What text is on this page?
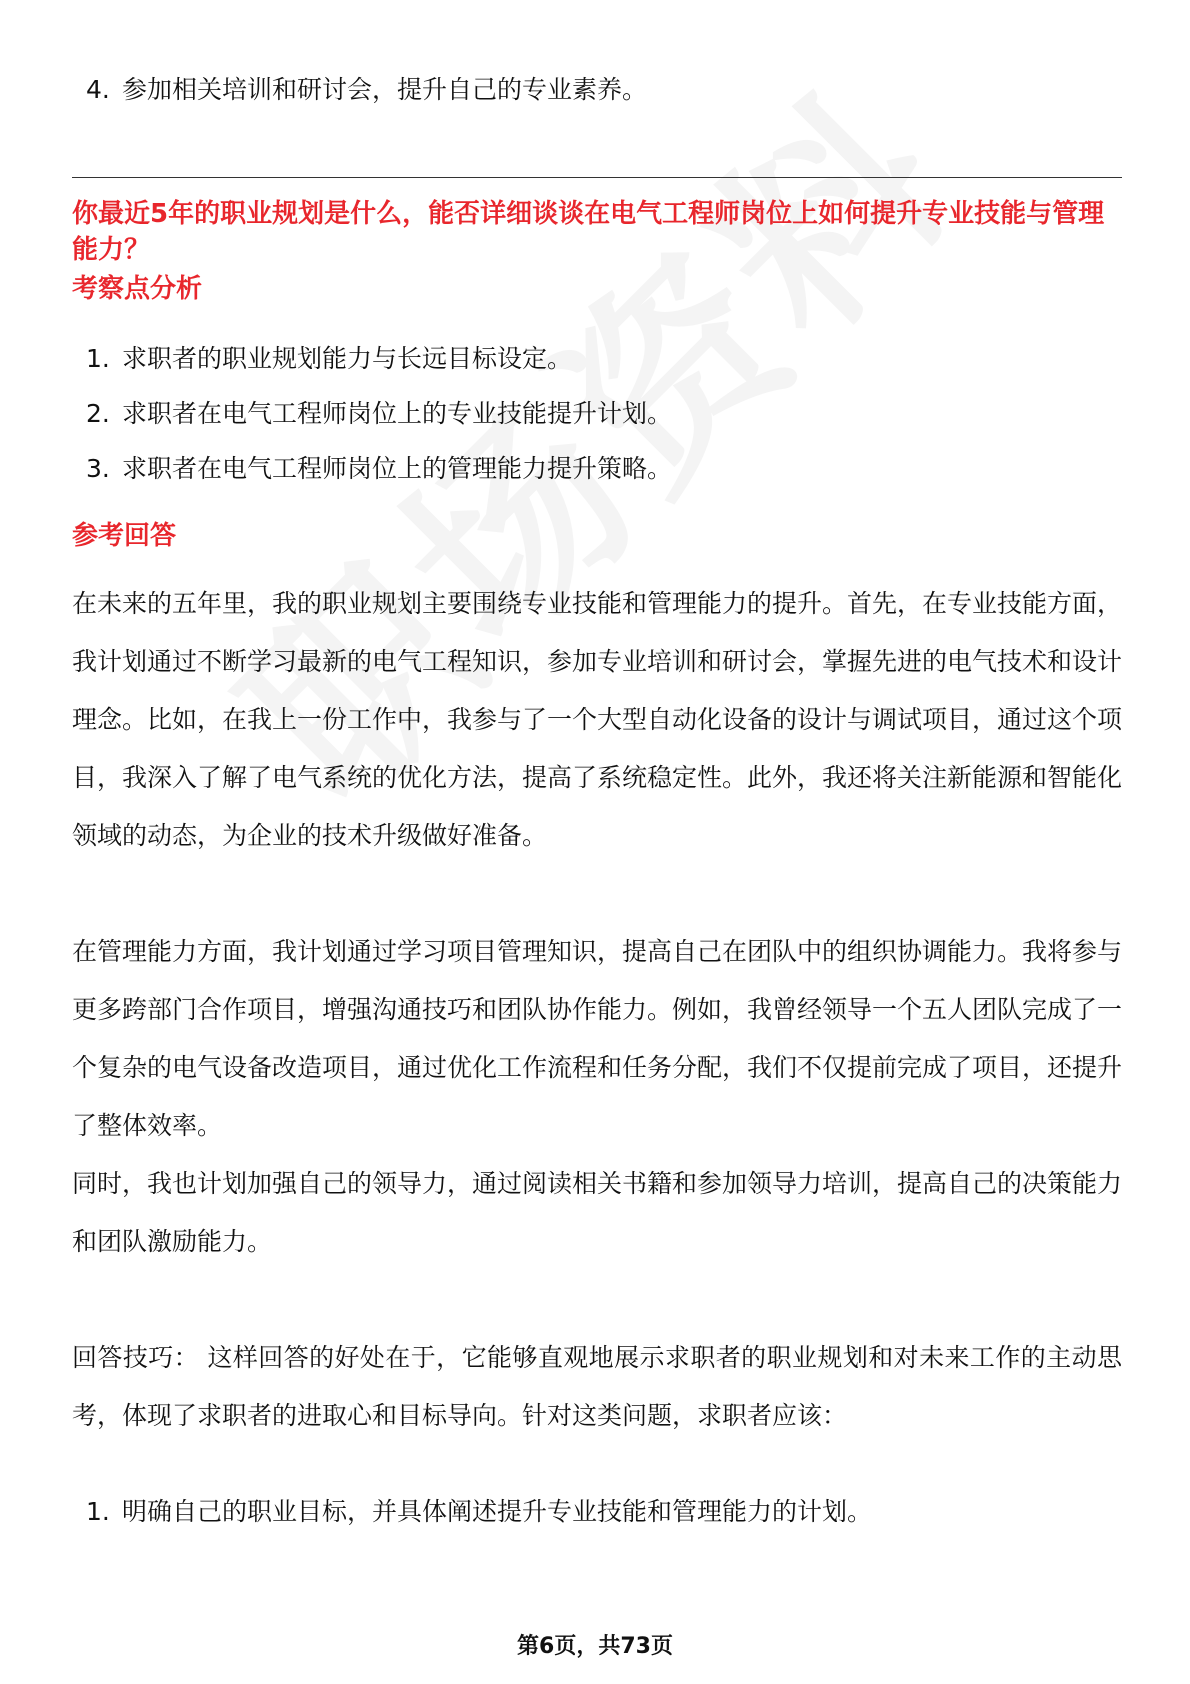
4. 参加相关培训和研讨会，提升自己的专业素养。
你最近5年的职业规划是什么，能否详细谈谈在电气工程师岗位上如何提升专业技能与管理能力？
考察点分析
1. 求职者的职业规划能力与长远目标设定。
2. 求职者在电气工程师岗位上的专业技能提升计划。
3. 求职者在电气工程师岗位上的管理能力提升策略。
参考回答
在未来的五年里，我的职业规划主要围绕专业技能和管理能力的提升。首先，在专业技能方面，我计划通过不断学习最新的电气工程知识，参加专业培训和研讨会，掌握先进的电气技术和设计理念。比如，在我上一份工作中，我参与了一个大型自动化设备的设计与调试项目，通过这个项目，我深入了解了电气系统的优化方法，提高了系统稳定性。此外，我还将关注新能源和智能化领域的动态，为企业的技术升级做好准备。
在管理能力方面，我计划通过学习项目管理知识，提高自己在团队中的组织协调能力。我将参与更多跨部门合作项目，增强沟通技巧和团队协作能力。例如，我曾经领导一个五人团队完成了一个复杂的电气设备改造项目，通过优化工作流程和任务分配，我们不仅提前完成了项目，还提升了整体效率。
同时，我也计划加强自己的领导力，通过阅读相关书籍和参加领导力培训，提高自己的决策能力和团队激励能力。
回答技巧： 这样回答的好处在于，它能够直观地展示求职者的职业规划和对未来工作的主动思考，体现了求职者的进取心和目标导向。针对这类问题，求职者应该：
1. 明确自己的职业目标，并具体阐述提升专业技能和管理能力的计划。
第6页，共73页
